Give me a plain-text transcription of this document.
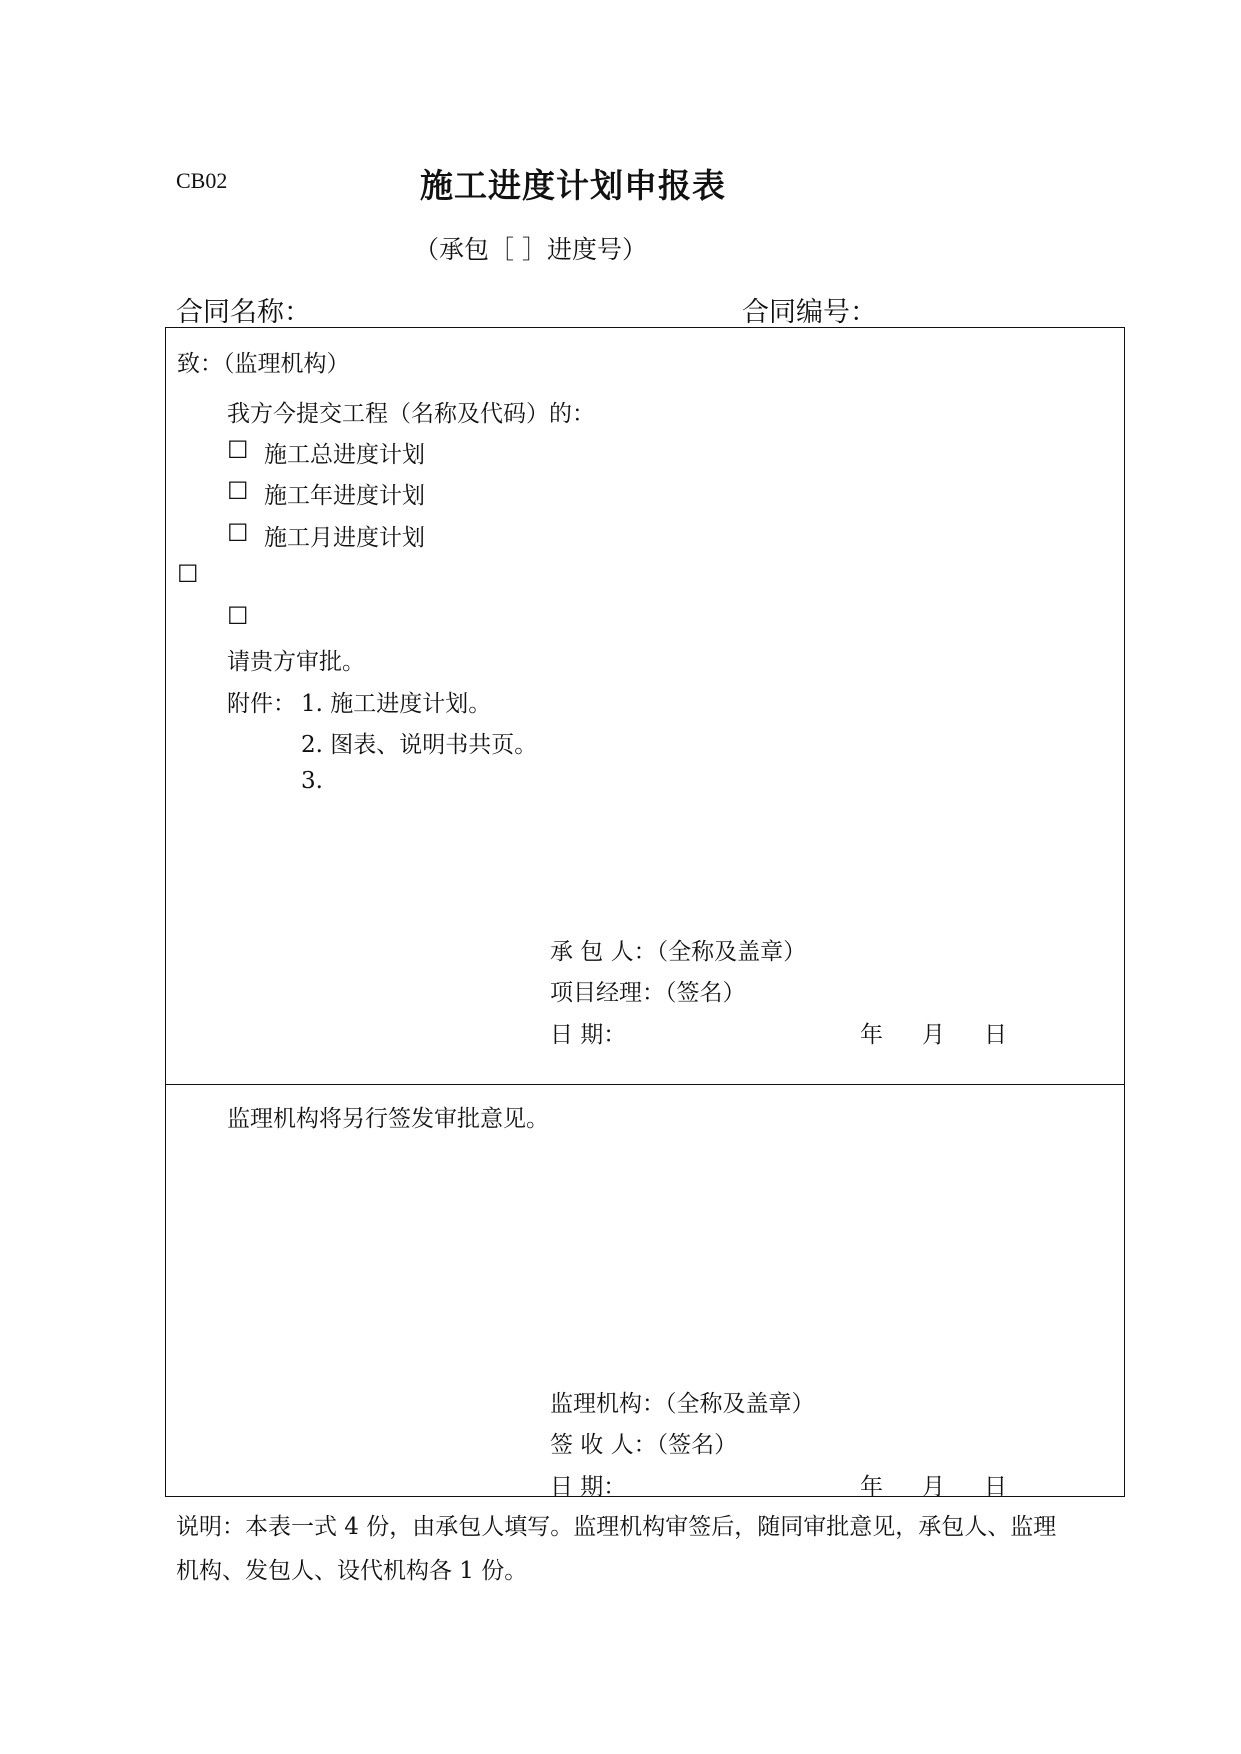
CB02	施工进度计划申报表
（承包［ ］进度号）
合同名称：	合同编号：
致：（监理机构）
我方今提交工程（名称及代码）的：
☐ 施工总进度计划
☐ 施工年进度计划
☐ 施工月进度计划
☐
☐
请贵方审批。
附件： 1. 施工进度计划。
2. 图表、说明书共页。
3.
承 包 人：（全称及盖章）
项目经理：（签名）
日 期：	年 月 日
监理机构将另行签发审批意见。
监理机构：（全称及盖章）
签 收 人：（签名）
日 期：	年 月 日
说明：本表一式 4 份，由承包人填写。监理机构审签后，随同审批意见，承包人、监理
机构、发包人、设代机构各 1 份。
